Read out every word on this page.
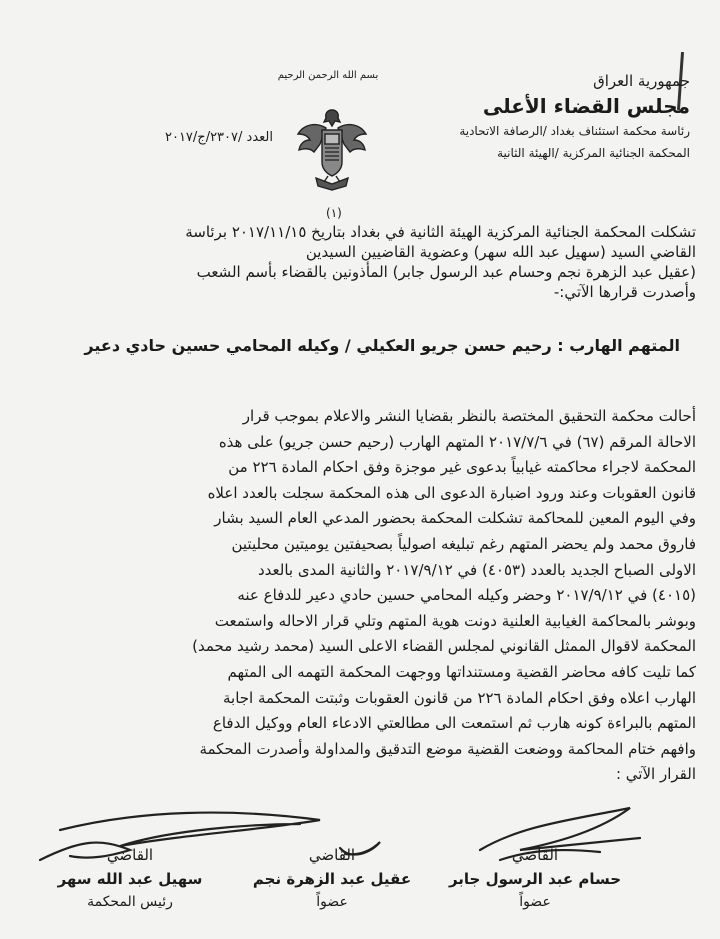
بسم الله الرحمن الرحيم	جمهورية العراق
مجلس القضاء الأعلى
رئاسة محكمة استئناف بغداد /الرصافة الاتحادية
المحكمة الجنائية المركزية /الهيئة الثانية
العدد /٢٣٠٧/ج/٢٠١٧
(١)
تشكلت المحكمة الجنائية المركزية الهيئة الثانية في بغداد بتاريخ ٢٠١٧/١١/١٥ برئاسة
القاضي السيد (سهيل عبد الله سهر) وعضوية القاضيين السيدين
(عقيل عبد الزهرة نجم وحسام عبد الرسول جابر) المأذونين بالقضاء بأسم الشعب
وأصدرت قرارها الآتي:-
المتهم الهارب : رحيم حسن جريو العكيلي / وكيله المحامي حسين حادي دعير
أحالت محكمة التحقيق المختصة بالنظر بقضايا النشر والاعلام بموجب قرار
الاحالة المرقم (٦٧) في ٢٠١٧/٧/٦ المتهم الهارب (رحيم حسن جريو) على هذه
المحكمة لاجراء محاكمته غيابياً بدعوى غير موجزة وفق احكام المادة ٢٢٦ من
قانون العقوبات وعند ورود اضبارة الدعوى الى هذه المحكمة سجلت بالعدد اعلاه
وفي اليوم المعين للمحاكمة تشكلت المحكمة بحضور المدعي العام السيد بشار
فاروق محمد ولم يحضر المتهم رغم تبليغه اصولياً بصحيفتين يوميتين محليتين
الاولى الصباح الجديد بالعدد (٤٠٥٣) في ٢٠١٧/٩/١٢ والثانية المدى بالعدد
(٤٠١٥) في ٢٠١٧/٩/١٢ وحضر وكيله المحامي حسين حادي دعير للدفاع عنه
وبوشر بالمحاكمة الغيابية العلنية دونت هوية المتهم وتلي قرار الاحاله واستمعت
المحكمة لاقوال الممثل القانوني لمجلس القضاء الاعلى السيد (محمد رشيد محمد)
كما تليت كافه محاضر القضية ومستنداتها ووجهت المحكمة التهمه الى المتهم
الهارب اعلاه وفق احكام المادة ٢٢٦ من قانون العقوبات وثبتت المحكمة اجابة
المتهم بالبراءة كونه هارب ثم استمعت الى مطالعتي الادعاء العام ووكيل الدفاع
وافهم ختام المحاكمة ووضعت القضية موضع التدقيق والمداولة وأصدرت المحكمة
القرار الآتي :
القاضي
حسام عبد الرسول جابر
عضواً
القاضي
عقيل عبد الزهرة نجم
عضواً
القاضي
سهيل عبد الله سهر
رئيس المحكمة
